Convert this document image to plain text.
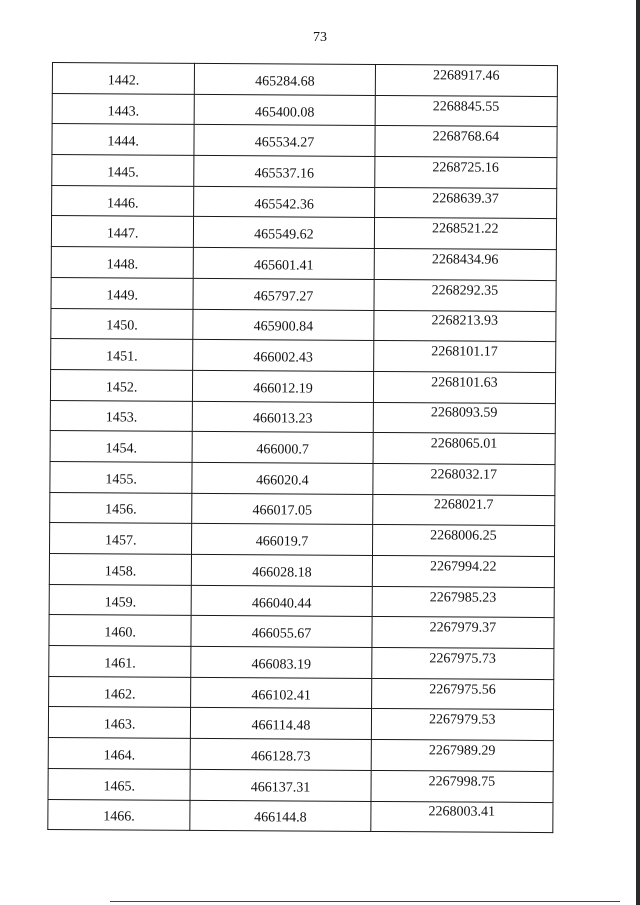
73
1442.	465284.68	2268917.46
1443.	465400.08	2268845.55
1444.	465534.27	2268768.64
1445.	465537.16	2268725.16
1446.	465542.36	2268639.37
1447.	465549.62	2268521.22
1448.	465601.41	2268434.96
1449.	465797.27	2268292.35
1450.	465900.84	2268213.93
1451.	466002.43	2268101.17
1452.	466012.19	2268101.63
1453.	466013.23	2268093.59
1454.	466000.7	2268065.01
1455.	466020.4	2268032.17
1456.	466017.05	2268021.7
1457.	466019.7	2268006.25
1458.	466028.18	2267994.22
1459.	466040.44	2267985.23
1460.	466055.67	2267979.37
1461.	466083.19	2267975.73
1462.	466102.41	2267975.56
1463.	466114.48	2267979.53
1464.	466128.73	2267989.29
1465.	466137.31	2267998.75
1466.	466144.8	2268003.41
